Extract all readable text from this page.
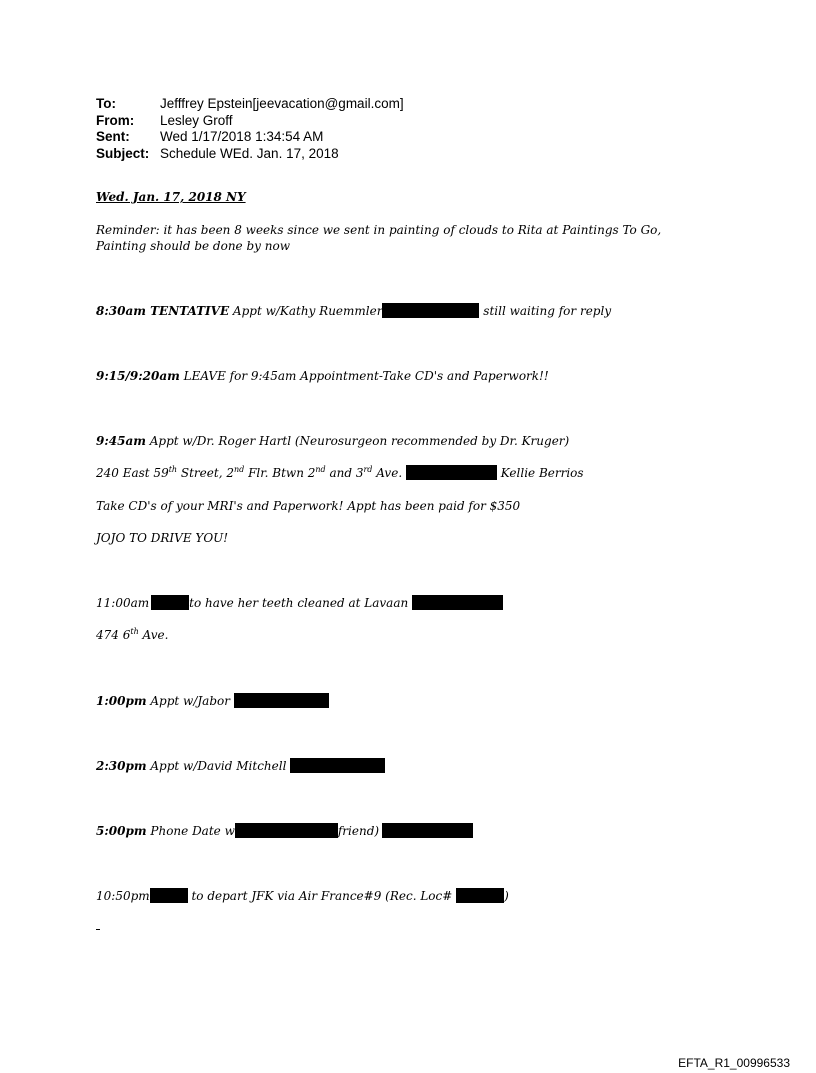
To:	Jefffrey Epstein[jeevacation@gmail.com]
From:	Lesley Groff
Sent:	Wed 1/17/2018 1:34:54 AM
Subject: Schedule WEd. Jan. 17, 2018
Wed. Jan. 17, 2018 NY
Reminder: it has been 8 weeks since we sent in painting of clouds to Rita at Paintings To Go, Painting should be done by now
8:30am TENTATIVE Appt w/Kathy Ruemmler	still waiting for reply
9:15/9:20am LEAVE for 9:45am Appointment-Take CD's and Paperwork!!
9:45am Appt w/Dr. Roger Hartl (Neurosurgeon recommended by Dr. Kruger)
240 East 59th Street, 2nd Flr. Btwn 2nd and 3rd Ave.	Kellie Berrios
Take CD's of your MRI's and Paperwork! Appt has been paid for $350
JOJO TO DRIVE YOU!
11:00am	to have her teeth cleaned at Lavaan
474 6th Ave.
1:00pm Appt w/Jabor
2:30pm Appt w/David Mitchell
5:00pm Phone Date w	friend)
10:50pm	to depart JFK via Air France#9 (Rec. Loc#	)
EFTA_R1_00996533
